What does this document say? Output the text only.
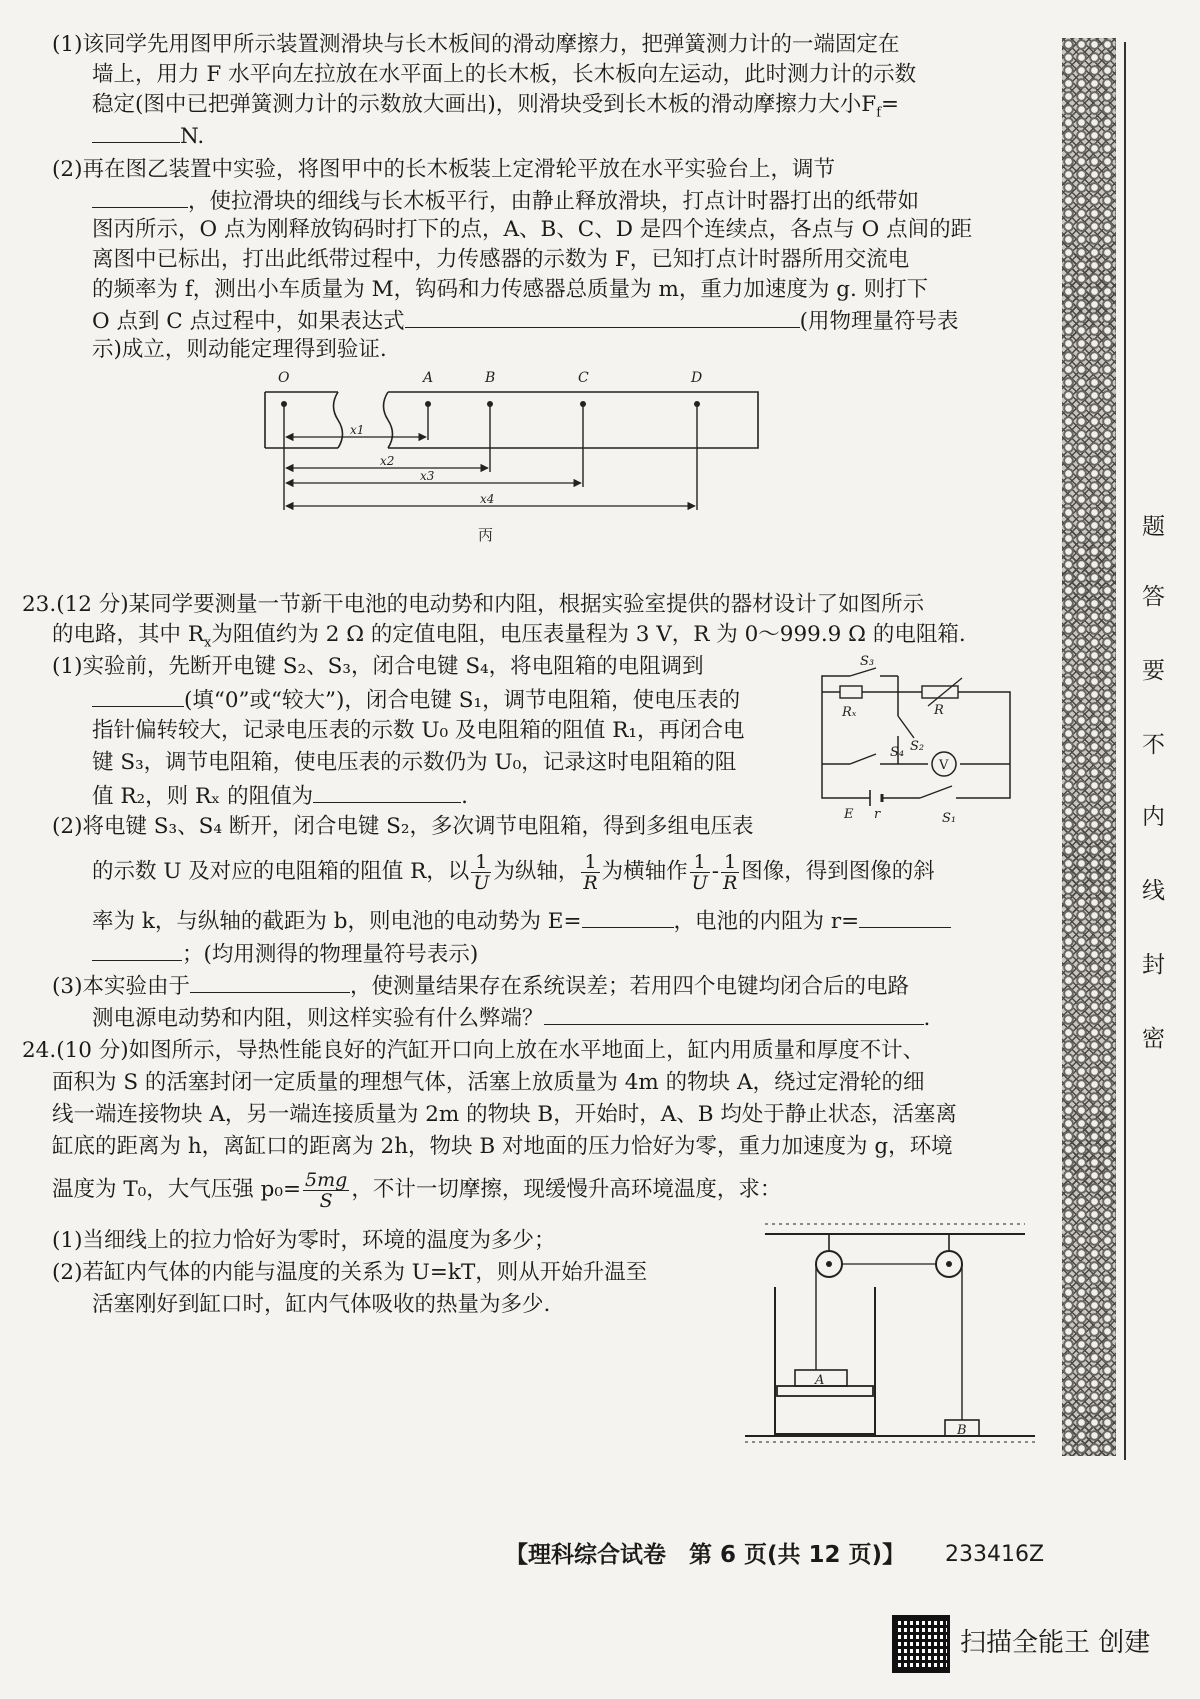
(1)该同学先用图甲所示装置测滑块与长木板间的滑动摩擦力，把弹簧测力计的一端固定在
墙上，用力 F 水平向左拉放在水平面上的长木板，长木板向左运动，此时测力计的示数
稳定(图中已把弹簧测力计的示数放大画出)，则滑块受到长木板的滑动摩擦力大小$F_f=$
N.
(2)再在图乙装置中实验，将图甲中的长木板装上定滑轮平放在水平实验台上，调节
，使拉滑块的细线与长木板平行，由静止释放滑块，打点计时器打出的纸带如
图丙所示，O 点为刚释放钩码时打下的点，A、B、C、D 是四个连续点，各点与 O 点间的距
离图中已标出，打出此纸带过程中，力传感器的示数为 F，已知打点计时器所用交流电
的频率为 f，测出小车质量为 M，钩码和力传感器总质量为 m，重力加速度为 g. 则打下
O 点到 C 点过程中，如果表达式	(用物理量符号表
示)成立，则动能定理得到验证.
O	A	B	C	D
x1
x2
x3
x4
丙
23.(12 分)某同学要测量一节新干电池的电动势和内阻，根据实验室提供的器材设计了如图所示
的电路，其中 $R_x$为阻值约为 2 Ω 的定值电阻，电压表量程为 3 V，R 为 0～999.9 Ω 的电阻箱.
(1)实验前，先断开电键 S₂、S₃，闭合电键 S₄，将电阻箱的电阻调到
(填“0”或“较大”)，闭合电键 S₁，调节电阻箱，使电压表的
指针偏转较大，记录电压表的示数 U₀ 及电阻箱的阻值 R₁，再闭合电
键 S₃，调节电阻箱，使电压表的示数仍为 U₀，记录这时电阻箱的阻
值 R₂，则 Rₓ 的阻值为	.
S₃
Rₓ	R
S₂
S₄
V
E r	S₁
(2)将电键 S₃、S₄ 断开，闭合电键 S₂，多次调节电阻箱，得到多组电压表
的示数 U 及对应的电阻箱的阻值 R，以 $\frac{1}{U}$ 为纵轴， $\frac{1}{R}$ 为横轴作 $\frac{1}{U} - \frac{1}{R}$ 图像，得到图像的斜
率为 k，与纵轴的截距为 b，则电池的电动势为 E=	，电池的内阻为 r=
；(均用测得的物理量符号表示)
(3)本实验由于	，使测量结果存在系统误差；若用四个电键均闭合后的电路
测电源电动势和内阻，则这样实验有什么弊端？	.
24.(10 分)如图所示，导热性能良好的汽缸开口向上放在水平地面上，缸内用质量和厚度不计、
面积为 S 的活塞封闭一定质量的理想气体，活塞上放质量为 4m 的物块 A，绕过定滑轮的细
线一端连接物块 A，另一端连接质量为 2m 的物块 B，开始时，A、B 均处于静止状态，活塞离
缸底的距离为 h，离缸口的距离为 2h，物块 B 对地面的压力恰好为零，重力加速度为 g，环境
温度为 T₀，大气压强 $p_0= \frac{5mg}{S}$ ，不计一切摩擦，现缓慢升高环境温度，求：
(1)当细线上的拉力恰好为零时，环境的温度为多少；
(2)若缸内气体的内能与温度的关系为 U=kT，则从开始升温至
活塞刚好到缸口时，缸内气体吸收的热量为多少.
A
B
题
答
要
不
内
线
封
密
【理科综合试卷　第 6 页(共 12 页)】 233416Z
扫描全能王 创建
